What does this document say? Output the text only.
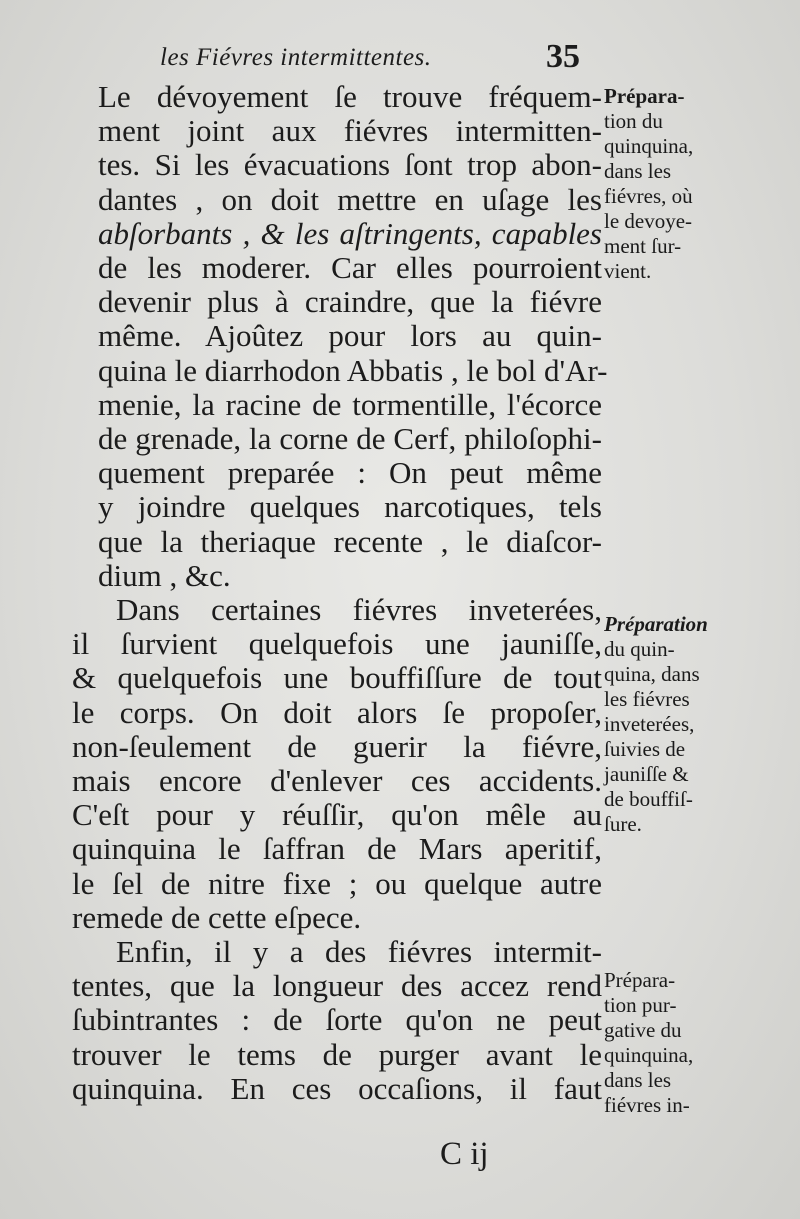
les Fiévres intermittentes.	35

Le dévoyement ſe trouve fréquem-
ment joint aux fiévres intermitten-
tes. Si les évacuations ſont trop abon-
dantes , on doit mettre en uſage les
abſorbants , & les aſtringents, capables
de les moderer. Car elles pourroient
devenir plus à craindre, que la fiévre
même. Ajoûtez pour lors au quin-
quina le diarrhodon Abbatis , le bol d'Ar-
menie, la racine de tormentille, l'écorce
de grenade, la corne de Cerf, philoſophi-
quement preparée : On peut même
y joindre quelques narcotiques, tels
que la theriaque recente , le diaſcor-
dium , &c.

Dans certaines fiévres inveterées,
il ſurvient quelquefois une jauniſſe,
& quelquefois une bouffiſſure de tout
le corps. On doit alors ſe propoſer,
non-ſeulement de guerir la fiévre,
mais encore d'enlever ces accidents.
C'eſt pour y réuſſir, qu'on mêle au
quinquina le ſaffran de Mars aperitif,
le ſel de nitre fixe ; ou quelque autre
remede de cette eſpece.

Enfin, il y a des fiévres intermit-
tentes, que la longueur des accez rend
ſubintrantes : de ſorte qu'on ne peut
trouver le tems de purger avant le
quinquina. En ces occaſions, il faut

Prépara-
tion du
quinquina,
dans les
fiévres, où
le devoye-
ment ſur-
vient.
Préparation
du quin-
quina, dans
les fiévres
inveterées,
ſuivies de
jauniſſe &
de bouffiſ-
ſure.
Prépara-
tion pur-
gative du
quinquina,
dans les
fiévres in-
C ij
